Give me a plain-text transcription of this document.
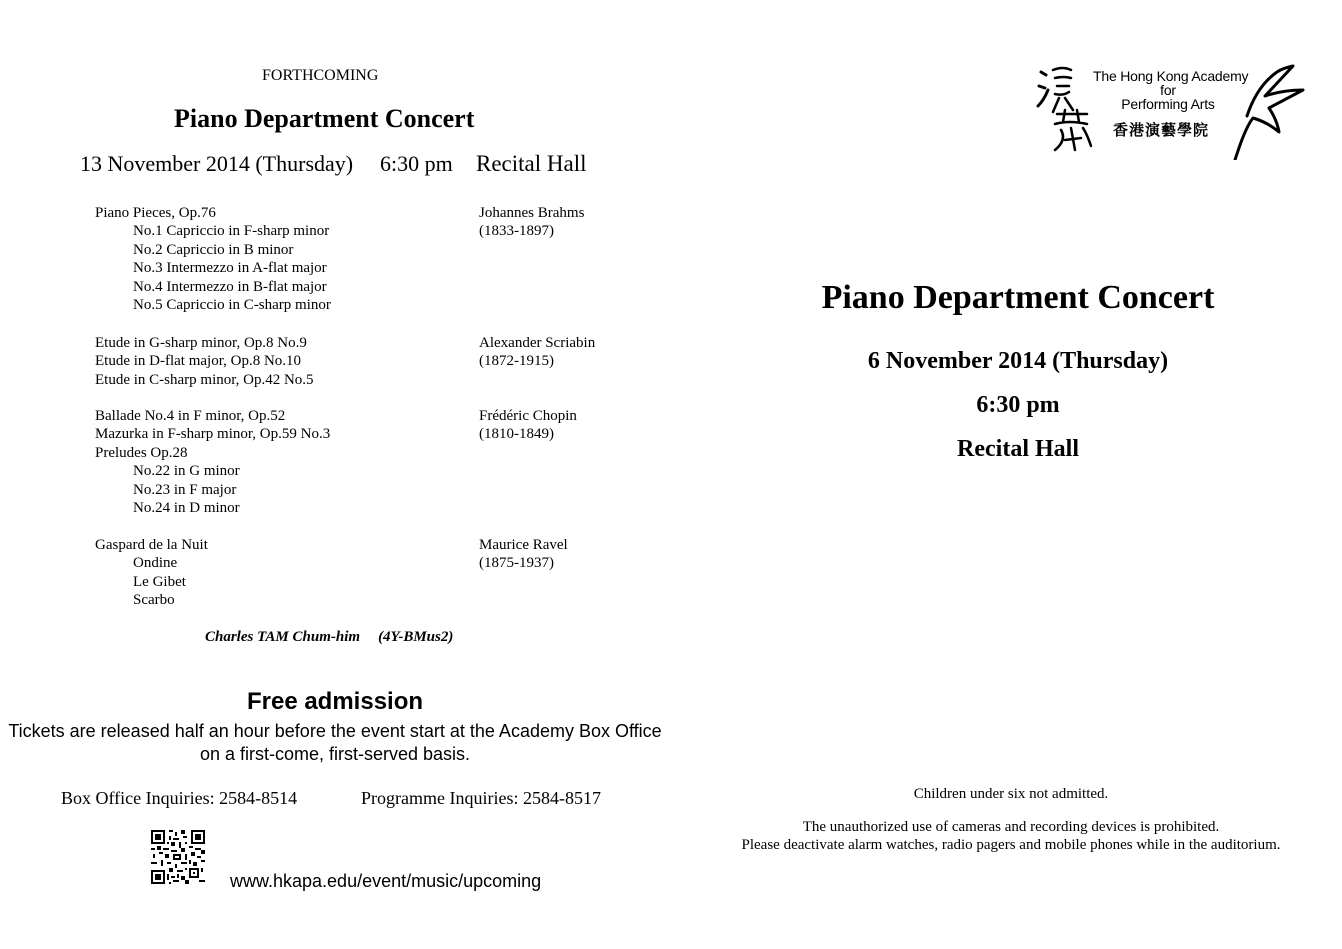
FORTHCOMING
Piano Department Concert
13 November 2014 (Thursday) 6:30 pm Recital Hall
Piano Pieces, Op.76
No.1 Capriccio in F-sharp minor
No.2 Capriccio in B minor
No.3 Intermezzo in A-flat major
No.4 Intermezzo in B-flat major
No.5 Capriccio in C-sharp minor
Johannes Brahms
(1833-1897)
Etude in G-sharp minor, Op.8 No.9
Etude in D-flat major, Op.8 No.10
Etude in C-sharp minor, Op.42 No.5
Alexander Scriabin
(1872-1915)
Ballade No.4 in F minor, Op.52
Mazurka in F-sharp minor, Op.59 No.3
Preludes Op.28
No.22 in G minor
No.23 in F major
No.24 in D minor
Frédéric Chopin
(1810-1849)
Gaspard de la Nuit
Ondine
Le Gibet
Scarbo
Maurice Ravel
(1875-1937)
Charles TAM Chum-him (4Y-BMus2)
Free admission
Tickets are released half an hour before the event start at the Academy Box Office on a first-come, first-served basis.
Box Office Inquiries: 2584-8514	Programme Inquiries: 2584-8517
www.hkapa.edu/event/music/upcoming
The Hong Kong Academy
for
Performing Arts
香港演藝學院
Piano Department Concert
6 November 2014 (Thursday)
6:30 pm
Recital Hall
Children under six not admitted.
The unauthorized use of cameras and recording devices is prohibited.
Please deactivate alarm watches, radio pagers and mobile phones while in the auditorium.
